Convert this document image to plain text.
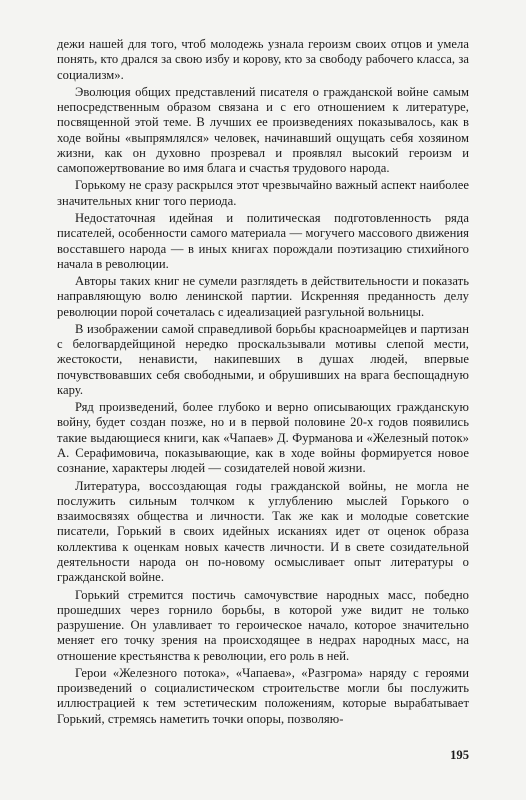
дежи нашей для того, чтоб молодежь узнала героизм своих отцов и умела понять, кто дрался за свою избу и корову, кто за свободу рабочего класса, за социализм».

Эволюция общих представлений писателя о гражданской войне самым непосредственным образом связана и с его отношением к литературе, посвященной этой теме. В лучших ее произведениях показывалось, как в ходе войны «выпрямлялся» человек, начинавший ощущать себя хозяином жизни, как он духовно прозревал и проявлял высокий героизм и самопожертвование во имя блага и счастья трудового народа.

Горькому не сразу раскрылся этот чрезвычайно важный аспект наиболее значительных книг того периода.

Недостаточная идейная и политическая подготовленность ряда писателей, особенности самого материала — могучего массового движения восставшего народа — в иных книгах порождали поэтизацию стихийного начала в революции.

Авторы таких книг не сумели разглядеть в действительности и показать направляющую волю ленинской партии. Искренняя преданность делу революции порой сочеталась с идеализацией разгульной вольницы.

В изображении самой справедливой борьбы красноармейцев и партизан с белогвардейщиной нередко проскальзывали мотивы слепой мести, жестокости, ненависти, накипевших в душах людей, впервые почувствовавших себя свободными, и обрушивших на врага беспощадную кару.

Ряд произведений, более глубоко и верно описывающих гражданскую войну, будет создан позже, но и в первой половине 20-х годов появились такие выдающиеся книги, как «Чапаев» Д. Фурманова и «Железный поток» А. Серафимовича, показывающие, как в ходе войны формируется новое сознание, характеры людей — созидателей новой жизни.

Литература, воссоздающая годы гражданской войны, не могла не послужить сильным толчком к углублению мыслей Горького о взаимосвязях общества и личности. Так же как и молодые советские писатели, Горький в своих идейных исканиях идет от оценок образа коллектива к оценкам новых качеств личности. И в свете созидательной деятельности народа он по-новому осмысливает опыт литературы о гражданской войне.

Горький стремится постичь самочувствие народных масс, победно прошедших через горнило борьбы, в которой уже видит не только разрушение. Он улавливает то героическое начало, которое значительно меняет его точку зрения на происходящее в недрах народных масс, на отношение крестьянства к революции, его роль в ней.

Герои «Железного потока», «Чапаева», «Разгрома» наряду с героями произведений о социалистическом строительстве могли бы послужить иллюстрацией к тем эстетическим положениям, которые вырабатывает Горький, стремясь наметить точки опоры, позволяю-

195
